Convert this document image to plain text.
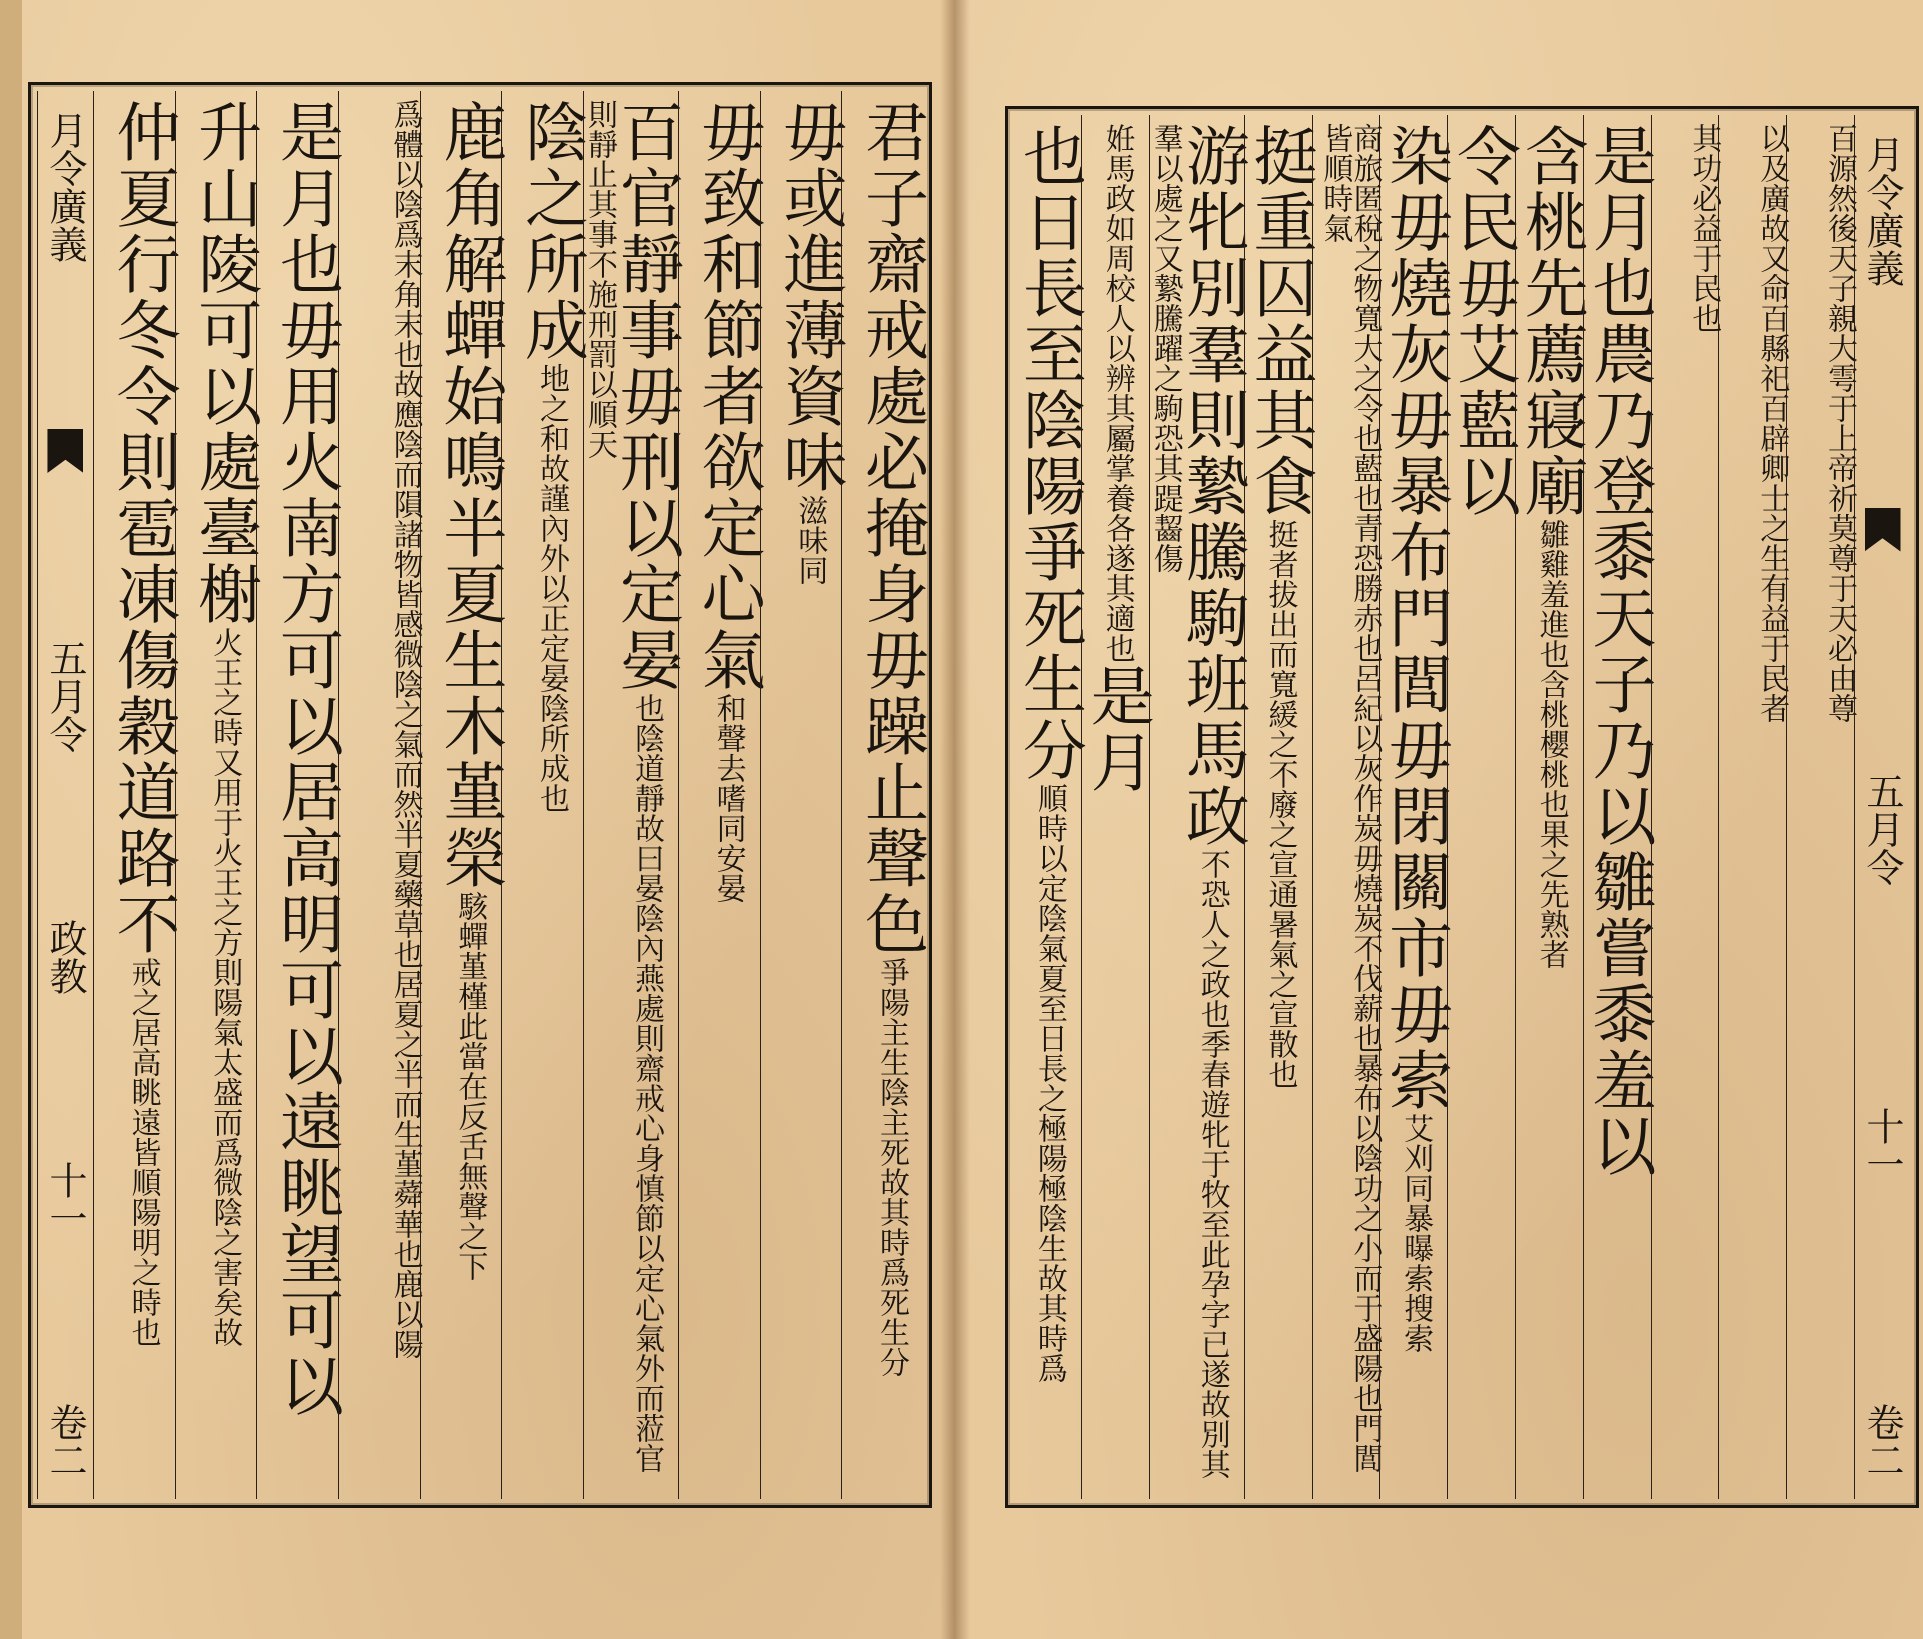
君子齋戒處必掩身毋躁止聲色爭陽主生陰主死故其時爲死生分
毋或進薄資味滋味同
毋致和節者欲定心氣和聲去嗜同安晏
百官靜事毋刑以定晏也陰道靜故曰晏陰內燕處則齋戒心身慎節以定心氣外而蒞官則靜止其事不施刑罰以順天
陰之所成地之和故謹內外以正定晏陰所成也
鹿角解蟬始鳴半夏生木堇榮駭蟬堇槿此當在反舌無聲之下
爲體以陰爲末角末也故應陰而隕諸物皆感微陰之氣而然半夏藥草也居夏之半而生堇蕣華也鹿以陽
是月也毋用火南方可以居高明可以遠眺望可以
升山陵可以處臺榭火王之時又用于火王之方則陽氣太盛而爲微陰之害矣故
仲夏行冬令則雹凍傷穀道路不戒之居高眺遠皆順陽明之時也
月令廣義
五月令
政教
十一
卷二
月令廣義
五月令
十一
卷二
百源然後天子親大雩于上帝祈莫尊于天必由尊
以及廣故又命百縣祀百辟卿士之生有益于民者
其功必益于民也
是月也農乃登黍天子乃以雛嘗黍羞以
含桃先薦寢廟雛雞羞進也含桃櫻桃也果之先熟者
令民毋艾藍以
染毋燒灰毋暴布門閭毋閉關市毋索艾刈同暴曝索搜索
商旅匿稅之物寬大之令也藍也青恐勝赤也呂紀以灰作炭毋燒炭不伐薪也暴布以陰功之小而于盛陽也門閭皆順時氣
挺重囚益其食挺者拔出而寬緩之不廢之宣通暑氣之宣散也
游牝別羣則縶騰駒班馬政不恐人之政也季春遊牝于牧至此孕字已遂故別其羣以處之又縶騰躍之駒恐其踶齧傷
姙馬政如周校人以辨其屬掌養各遂其適也是月
也日長至陰陽爭死生分順時以定陰氣夏至日長之極陽極陰生故其時爲
